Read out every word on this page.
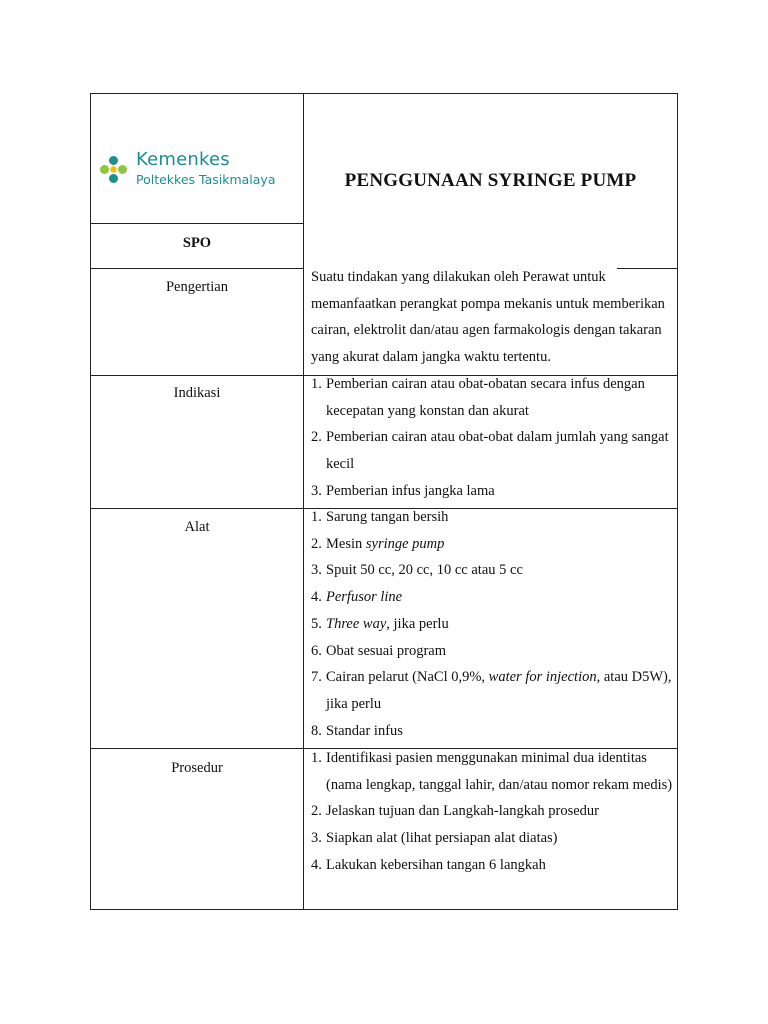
Kemenkes
Poltekkes Tasikmalaya	PENGGUNAAN SYRINGE PUMP
SPO
Pengertian
Suatu tindakan yang dilakukan oleh Perawat untuk memanfaatkan perangkat pompa mekanis untuk memberikan cairan, elektrolit dan/atau agen farmakologis dengan takaran yang akurat dalam jangka waktu tertentu.
Indikasi
1. Pemberian cairan atau obat-obatan secara infus dengan kecepatan yang konstan dan akurat
2. Pemberian cairan atau obat-obat dalam jumlah yang sangat kecil
3. Pemberian infus jangka lama
Alat
1. Sarung tangan bersih
2. Mesin syringe pump
3. Spuit 50 cc, 20 cc, 10 cc atau 5 cc
4. Perfusor line
5. Three way, jika perlu
6. Obat sesuai program
7. Cairan pelarut (NaCl 0,9%, water for injection, atau D5W), jika perlu
8. Standar infus
Prosedur
1. Identifikasi pasien menggunakan minimal dua identitas (nama lengkap, tanggal lahir, dan/atau nomor rekam medis)
2. Jelaskan tujuan dan Langkah-langkah prosedur
3. Siapkan alat (lihat persiapan alat diatas)
4. Lakukan kebersihan tangan 6 langkah
